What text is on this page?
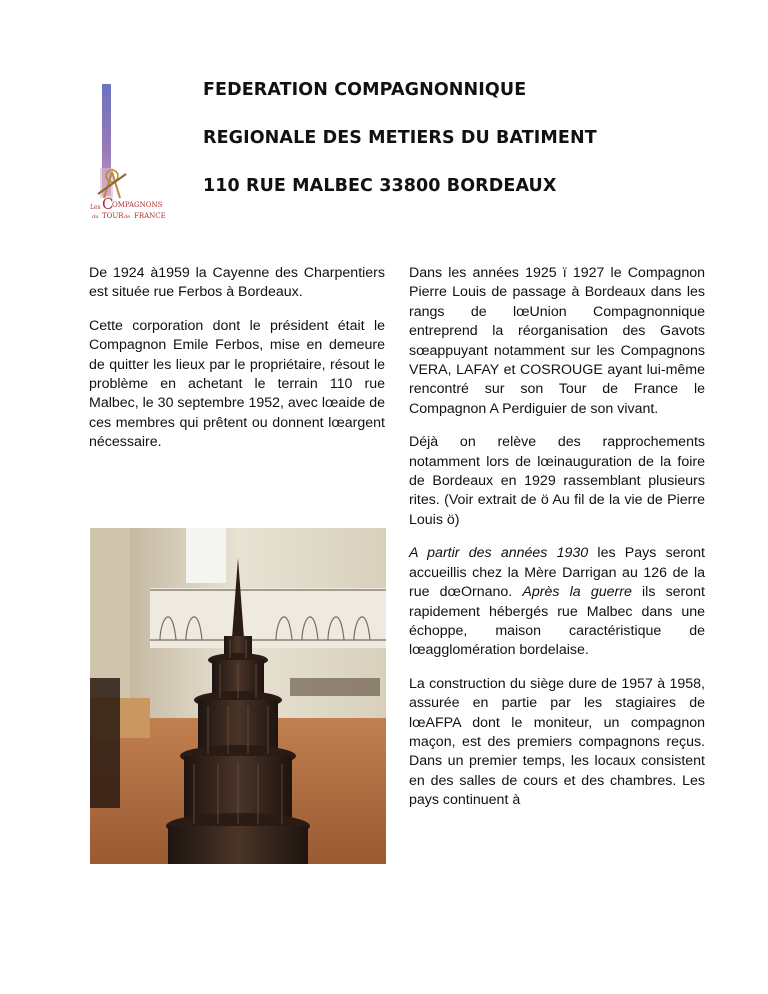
Les C
OMPAGNONS
du TOUR de FRANCE
FEDERATION COMPAGNONNIQUE
REGIONALE DES METIERS DU BATIMENT
110 RUE MALBEC 33800 BORDEAUX

De 1924 à1959 la Cayenne des Charpentiers est située rue Ferbos à Bordeaux.

Cette corporation dont le président était le Compagnon Emile Ferbos, mise en demeure de quitter les lieux par le propriétaire, résout le problème en achetant le terrain 110 rue Malbec, le 30 septembre 1952, avec lœaide de ces membres qui prêtent ou donnent lœargent nécessaire.

Dans les années 1925 ï 1927 le Compagnon Pierre Louis de passage à Bordeaux dans les rangs de lœUnion Compagnonnique entreprend la réorganisation des Gavots sœappuyant notamment sur les Compagnons VERA, LAFAY et COSROUGE ayant lui-même rencontré sur son Tour de France le Compagnon A Perdiguier de son vivant.

Déjà on relève des rapprochements notamment lors de lœinauguration de la foire de Bordeaux en 1929 rassemblant plusieurs rites. (Voir extrait de ö Au fil de la vie de Pierre Louis ö)

A partir des années 1930 les Pays seront accueillis chez la Mère Darrigan au 126 de la rue dœOrnano. Après la guerre ils seront rapidement hébergés rue Malbec dans une échoppe, maison caractéristique de lœagglomération bordelaise.

La construction du siège dure de 1957 à 1958, assurée en partie par les stagiaires de lœAFPA dont le moniteur, un compagnon maçon, est des premiers compagnons reçus. Dans un premier temps, les locaux consistent en des salles de cours et des chambres. Les pays continuent à
